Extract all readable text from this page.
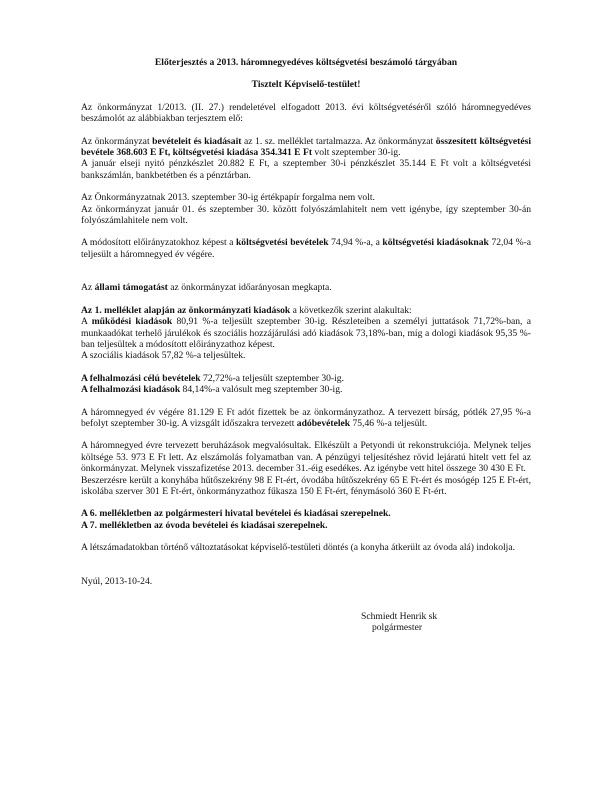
Előterjesztés a 2013. háromnegyedéves költségvetési beszámoló tárgyában

Tisztelt Képviselő-testület!

Az önkormányzat 1/2013. (II. 27.) rendeletével elfogadott 2013. évi költségvetéséről szóló háromnegyedéves beszámolót az alábbiakban terjesztem elő:

Az önkormányzat bevételeit és kiadásait az 1. sz. melléklet tartalmazza. Az önkormányzat összesített költségvetési bevétele 368.603 E Ft, költségvetési kiadása 354.341 E Ft volt szeptember 30-ig.

A január elseji nyitó pénzkészlet 20.882 E Ft, a szeptember 30-i pénzkészlet 35.144 E Ft volt a költségvetési bankszámlán, bankbetétben és a pénztárban.

Az Önkormányzatnak 2013. szeptember 30-ig értékpapír forgalma nem volt.

Az önkormányzat január 01. és szeptember 30. között folyószámlahitelt nem vett igénybe, így szeptember 30-án folyószámlahitele nem volt.

A módosított előirányzatokhoz képest a költségvetési bevételek 74,94 %-a, a költségvetési kiadásoknak 72,04 %-a teljesült a háromnegyed év végére.

Az állami támogatást az önkormányzat időarányosan megkapta.

Az 1. melléklet alapján az önkormányzati kiadások a következők szerint alakultak:

A működési kiadások 80,91 %-a teljesült szeptember 30-ig. Részleteiben a személyi juttatások 71,72%-ban, a munkaadókat terhelő járulékok és szociális hozzájárulási adó kiadások 73,18%-ban, míg a dologi kiadások 95,35 %-ban teljesültek a módosított előirányzathoz képest.

A szociális kiadások 57,82 %-a teljesültek.

A felhalmozási célú bevételek 72,72%-a teljesült szeptember 30-ig.

A felhalmozási kiadások 84,14%-a valósult meg szeptember 30-ig.

A háromnegyed év végére 81.129 E Ft adót fizettek be az önkormányzathoz. A tervezett bírság, pótlék 27,95 %-a befolyt szeptember 30-ig. A vizsgált időszakra tervezett adóbevételek 75,46 %-a teljesült.

A háromnegyed évre tervezett beruházások megvalósultak. Elkészült a Petyondi út rekonstrukciója. Melynek teljes költsége 53. 973 E Ft lett. Az elszámolás folyamatban van. A pénzügyi teljesítéshez rövid lejáratú hitelt vett fel az önkormányzat. Melynek visszafizetése 2013. december 31.-éig esedékes. Az igénybe vett hitel összege 30 430 E Ft.

Beszerzésre került a konyhába hűtőszekrény 98 E Ft-ért, óvodába hűtőszekrény 65 E Ft-ért és mosógép 125 E Ft-ért, iskolába szerver 301 E Ft-ért, önkormányzathoz fűkasza 150 E Ft-ért, fénymásoló 360 E Ft-ért.

A 6. mellékletben az polgármesteri hivatal bevételei és kiadásai szerepelnek.

A 7. mellékletben az óvoda bevételei és kiadásai szerepelnek.

A létszámadatokban történő változtatásokat képviselő-testületi döntés (a konyha átkerült az óvoda alá) indokolja.

Nyúl, 2013-10-24.

Schmiedt Henrik sk

polgármester
